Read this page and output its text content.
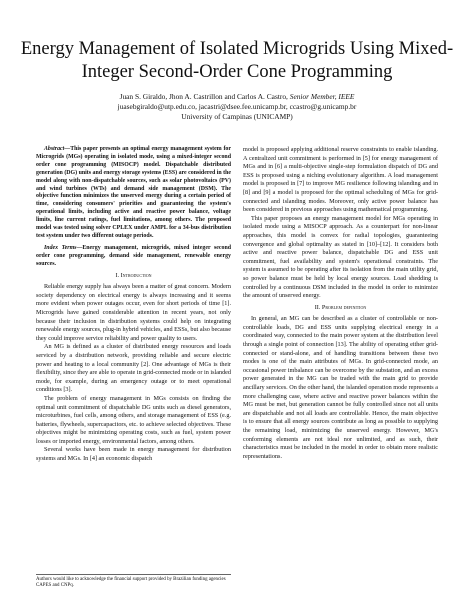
Energy Management of Isolated Microgrids Using Mixed-Integer Second-Order Cone Programming
Juan S. Giraldo, Jhon A. Castrillon and Carlos A. Castro, Senior Member, IEEE
juasebgiraldo@utp.edu.co, jacastri@dsee.fee.unicamp.br, ccastro@g.unicamp.br
University of Campinas (UNICAMP)

Abstract—This paper presents an optimal energy management system for Microgrids (MGs) operating in isolated mode, using a mixed-integer second order cone programming (MISOCP) model. Dispatchable distributed generation (DG) units and energy storage systems (ESS) are considered in the model along with non-dispatchable sources, such as solar photovoltaics (PV) and wind turbines (WTs) and demand side management (DSM). The objective function minimizes the unserved energy during a certain period of time, considering consumers' priorities and guaranteeing the system's operational limits, including active and reactive power balance, voltage limits, line current ratings, fuel limitations, among others. The proposed model was tested using solver CPLEX under AMPL for a 34-bus distribution test system under two different outage periods.

Index Terms—Energy management, microgrids, mixed integer second order cone programming, demand side management, renewable energy sources.

I. Introduction

Reliable energy supply has always been a matter of great concern. Modern society dependency on electrical energy is always increasing and it seems more evident when power outages occur, even for short periods of time [1]. Microgrids have gained considerable attention in recent years, not only because their inclusion in distribution systems could help on integrating renewable energy sources, plug-in hybrid vehicles, and ESSs, but also because they could improve service reliability and power quality to users.

An MG is defined as a cluster of distributed energy resources and loads serviced by a distribution network, providing reliable and secure electric power and heating to a local community [2]. One advantage of MGs is their flexibility, since they are able to operate in grid-connected mode or in islanded mode, for example, during an emergency outage or to meet operational conditions [3].

The problem of energy management in MGs consists on finding the optimal unit commitment of dispatchable DG units such as diesel generators, microturbines, fuel cells, among others, and storage management of ESS (e.g. batteries, flywheels, supercapacitors, etc. to achieve selected objectives. These objectives might be minimizing operating costs, such as fuel, system power losses or imported energy, environmental factors, among others.

Several works have been made in energy management for distribution systems and MGs. In [4] an economic dispatch

Authors would like to acknowledge the financial support provided by Brazilian funding agencies CAPES and CNPq.

model is proposed applying additional reserve constraints to enable islanding. A centralized unit commitment is performed in [5] for energy management of MGs and in [6] a multi-objective single-step formulation dispatch of DG and ESS is proposed using a niching evolutionary algorithm. A load management model is proposed in [7] to improve MG resilience following islanding and in [8] and [9] a model is proposed for the optimal scheduling of MGs for grid-connected and islanding modes. Moreover, only active power balance has been considered in previous approaches using mathematical programming.

This paper proposes an energy management model for MGs operating in isolated mode using a MISOCP approach. As a counterpart for non-linear approaches, this model is convex for radial topologies, guaranteeing convergence and global optimality as stated in [10]–[12]. It considers both active and reactive power balance, dispatchable DG and ESS unit commitment, fuel availability and system's operational constraints. The system is assumed to be operating after its isolation from the main utility grid, so power balance must be held by local energy sources. Load shedding is controlled by a continuous DSM included in the model in order to minimize the amount of unserved energy.

II. Problem definition

In general, an MG can be described as a cluster of controllable or non-controllable loads, DG and ESS units supplying electrical energy in a coordinated way, connected to the main power system at the distribution level through a single point of connection [13]. The ability of operating either grid-connected or stand-alone, and of handling transitions between these two modes is one of the main attributes of MGs. In grid-connected mode, an occasional power imbalance can be overcome by the substation, and an excess power generated in the MG can be traded with the main grid to provide ancillary services. On the other hand, the islanded operation mode represents a more challenging case, where active and reactive power balances within the MG must be met, but generation cannot be fully controlled since not all units are dispatchable and not all loads are controllable. Hence, the main objective is to ensure that all energy sources contribute as long as possible to supplying the remaining load, minimizing the unserved energy. However, MG's conforming elements are not ideal nor unlimited, and as such, their characteristics must be included in the model in order to obtain more realistic representations.
